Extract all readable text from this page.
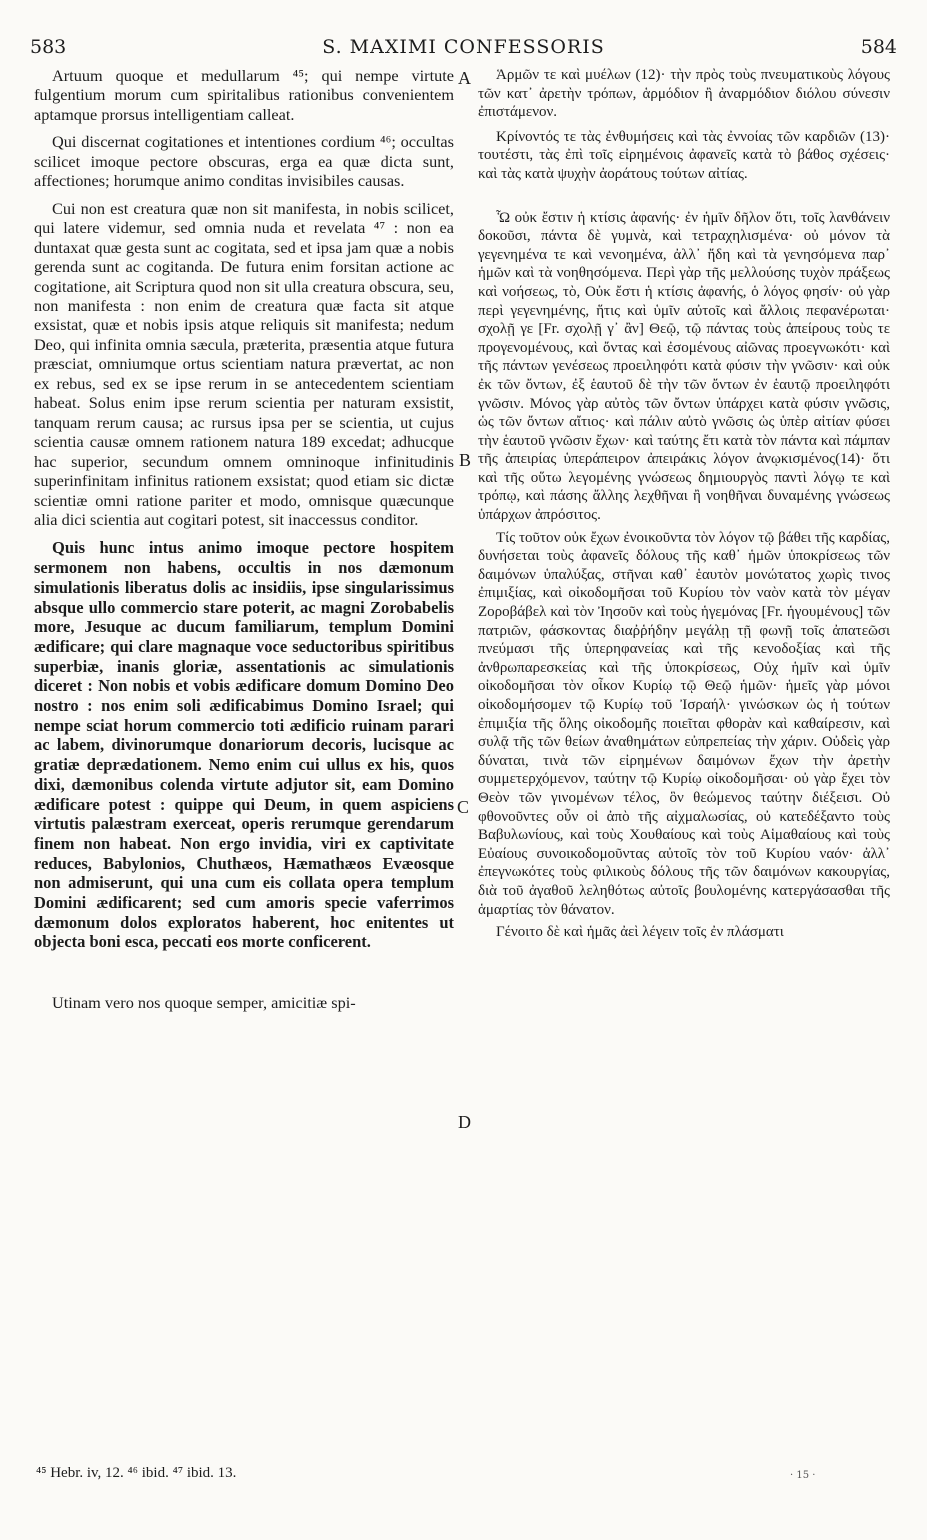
583	S. MAXIMI CONFESSORIS	584

Artuum quoque et medullarum ⁴⁵; qui nempe virtute fulgentium morum cum spiritalibus rationibus convenientem aptamque prorsus intelligentiam calleat.

Qui discernat cogitationes et intentiones cordium ⁴⁶; occultas scilicet imoque pectore obscuras, erga ea quæ dicta sunt, affectiones; horumque animo conditas invisibiles causas.

Cui non est creatura quæ non sit manifesta, in nobis scilicet, qui latere videmur, sed omnia nuda et revelata ⁴⁷ : non ea duntaxat quæ gesta sunt ac cogitata, sed et ipsa jam quæ a nobis gerenda sunt ac cogitanda. De futura enim forsitan actione ac cogitatione, ait Scriptura quod non sit ulla creatura obscura, seu, non manifesta : non enim de creatura quæ facta sit atque exsistat, quæ et nobis ipsis atque reliquis sit manifesta; nedum Deo, qui infinita omnia sæcula, præterita, præsentia atque futura præsciat, omniumque ortus scientiam natura prævertat, ac non ex rebus, sed ex se ipse rerum in se antecedentem scientiam habeat. Solus enim ipse rerum scientia per naturam exsistit, tanquam rerum causa; ac rursus ipsa per se scientia, ut cujus scientia causæ omnem rationem natura 189 excedat; adhucque hac superior, secundum omnem omninoque infinitudinis superinfinitam infinitus rationem exsistat; quod etiam sic dictæ scientiæ omni ratione pariter et modo, omnisque quæcunque alia dici scientia aut cogitari potest, sit inaccessus conditor.

Quis hunc intus animo imoque pectore hospitem sermonem non habens, occultis in nos dæmonum simulationis liberatus dolis ac insidiis, ipse singularissimus absque ullo commercio stare poterit, ac magni Zorobabelis more, Jesuque ac ducum familiarum, templum Domini ædificare; qui clare magnaque voce seductoribus spiritibus superbiæ, inanis gloriæ, assentationis ac simulationis diceret : Non nobis et vobis ædificare domum Domino Deo nostro : nos enim soli ædificabimus Domino Israel; qui nempe sciat horum commercio toti ædificio ruinam parari ac labem, divinorumque donariorum decoris, lucisque ac gratiæ deprædationem. Nemo enim cui ullus ex his, quos dixi, dæmonibus colenda virtute adjutor sit, eam Domino ædificare potest : quippe qui Deum, in quem aspiciens virtutis palæstram exerceat, operis rerumque gerendarum finem non habeat. Non ergo invidia, viri ex captivitate reduces, Babylonios, Chuthæos, Hæmathæos Evæosque non admiserunt, qui una cum eis collata opera templum Domini ædificarent; sed cum amoris specie vaferrimos dæmonum dolos exploratos haberent, hoc enitentes ut objecta boni esca, peccati eos morte conficerent.

Utinam vero nos quoque semper, amicitiæ spi-

Ἁρμῶν τε καὶ μυέλων (12)· τὴν πρὸς τοὺς πνευματικοὺς λόγους τῶν κατ᾽ ἀρετὴν τρόπων, ἁρμόδιον ἢ ἀναρμόδιον διόλου σύνεσιν ἐπιστάμενον.

Κρίνοντός τε τὰς ἐνθυμήσεις καὶ τὰς ἐννοίας τῶν καρδιῶν (13)· τουτέστι, τὰς ἐπὶ τοῖς εἰρημένοις ἀφανεῖς κατὰ τὸ βάθος σχέσεις· καὶ τὰς κατὰ ψυχὴν ἀοράτους τούτων αἰτίας.

Ὧ οὐκ ἔστιν ἡ κτίσις ἀφανής· ἐν ἡμῖν δῆλον ὅτι, τοῖς λανθάνειν δοκοῦσι, πάντα δὲ γυμνὰ, καὶ τετραχηλισμένα· οὐ μόνον τὰ γεγενημένα τε καὶ νενοημένα, ἀλλ᾽ ἤδη καὶ τὰ γενησόμενα παρ᾽ ἡμῶν καὶ τὰ νοηθησόμενα. Περὶ γὰρ τῆς μελλούσης τυχὸν πράξεως καὶ νοήσεως, τὸ, Οὐκ ἔστι ἡ κτίσις ἀφανής, ὁ λόγος φησίν· οὐ γὰρ περὶ γεγενημένης, ἥτις καὶ ὑμῖν αὐτοῖς καὶ ἄλλοις πεφανέρωται· σχολῇ γε [Fr. σχολῇ γ᾽ ἂν] Θεῷ, τῷ πάντας τοὺς ἀπείρους τοὺς τε προγενομένους, καὶ ὄντας καὶ ἐσομένους αἰῶνας προεγνωκότι· καὶ τῆς πάντων γενέσεως προειληφότι κατὰ φύσιν τὴν γνῶσιν· καὶ οὐκ ἐκ τῶν ὄντων, ἐξ ἑαυτοῦ δὲ τὴν τῶν ὄντων ἐν ἑαυτῷ προειληφότι γνῶσιν. Μόνος γὰρ αὐτὸς τῶν ὄντων ὑπάρχει κατὰ φύσιν γνῶσις, ὡς τῶν ὄντων αἴτιος· καὶ πάλιν αὐτὸ γνῶσις ὡς ὑπὲρ αἰτίαν φύσει τὴν ἑαυτοῦ γνῶσιν ἔχων· καὶ ταύτης ἔτι κατὰ τὸν πάντα καὶ πάμπαν τῆς ἀπειρίας ὑπεράπειρον ἀπειράκις λόγον ἀνῳκισμένος(14)· ὅτι καὶ τῆς οὕτω λεγομένης γνώσεως δημιουργὸς παντὶ λόγῳ τε καὶ τρόπῳ, καὶ πάσης ἄλλης λεχθῆναι ἢ νοηθῆναι δυναμένης γνώσεως ὑπάρχων ἀπρόσιτος.

Τίς τοῦτον οὐκ ἔχων ἐνοικοῦντα τὸν λόγον τῷ βάθει τῆς καρδίας, δυνήσεται τοὺς ἀφανεῖς δόλους τῆς καθ᾽ ἡμῶν ὑποκρίσεως τῶν δαιμόνων ὑπαλύξας, στῆναι καθ᾽ ἑαυτὸν μονώτατος χωρὶς τινος ἐπιμιξίας, καὶ οἰκοδομῆσαι τοῦ Κυρίου τὸν ναὸν κατὰ τὸν μέγαν Ζοροβάβελ καὶ τὸν Ἰησοῦν καὶ τοὺς ἡγεμόνας [Fr. ἡγουμένους] τῶν πατριῶν, φάσκοντας διαῤῥήδην μεγάλῃ τῇ φωνῇ τοῖς ἀπατεῶσι πνεύμασι τῆς ὑπερηφανείας καὶ τῆς κενοδοξίας καὶ τῆς ἀνθρωπαρεσκείας καὶ τῆς ὑποκρίσεως, Οὐχ ἡμῖν καὶ ὑμῖν οἰκοδομῆσαι τὸν οἶκον Κυρίῳ τῷ Θεῷ ἡμῶν· ἡμεῖς γὰρ μόνοι οἰκοδομήσομεν τῷ Κυρίῳ τοῦ Ἰσραήλ· γινώσκων ὡς ἡ τούτων ἐπιμιξία τῆς ὅλης οἰκοδομῆς ποιεῖται φθορὰν καὶ καθαίρεσιν, καὶ συλᾷ τῆς τῶν θείων ἀναθημάτων εὐπρεπείας τὴν χάριν. Οὐδεὶς γὰρ δύναται, τινὰ τῶν εἰρημένων δαιμόνων ἔχων τὴν ἀρετὴν συμμετερχόμενον, ταύτην τῷ Κυρίῳ οἰκοδομῆσαι· οὐ γὰρ ἔχει τὸν Θεὸν τῶν γινομένων τέλος, ὃν θεώμενος ταύτην διέξεισι. Οὐ φθονοῦντες οὖν οἱ ἀπὸ τῆς αἰχμαλωσίας, οὐ κατεδέξαντο τοὺς Βαβυλωνίους, καὶ τοὺς Χουθαίους καὶ τοὺς Αἱμαθαίους καὶ τοὺς Εὐαίους συνοικοδομοῦντας αὐτοῖς τὸν τοῦ Κυρίου ναόν· ἀλλ᾽ ἐπεγνωκότες τοὺς φιλικοὺς δόλους τῆς τῶν δαιμόνων κακουργίας, διὰ τοῦ ἀγαθοῦ λεληθότως αὐτοῖς βουλομένης κατεργάσασθαι τῆς ἁμαρτίας τὸν θάνατον.

Γένοιτο δὲ καὶ ἡμᾶς ἀεὶ λέγειν τοῖς ἐν πλάσματι

A
B
C
D
⁴⁵ Hebr. iv, 12. ⁴⁶ ibid. ⁴⁷ ibid. 13.	· 15 ·
